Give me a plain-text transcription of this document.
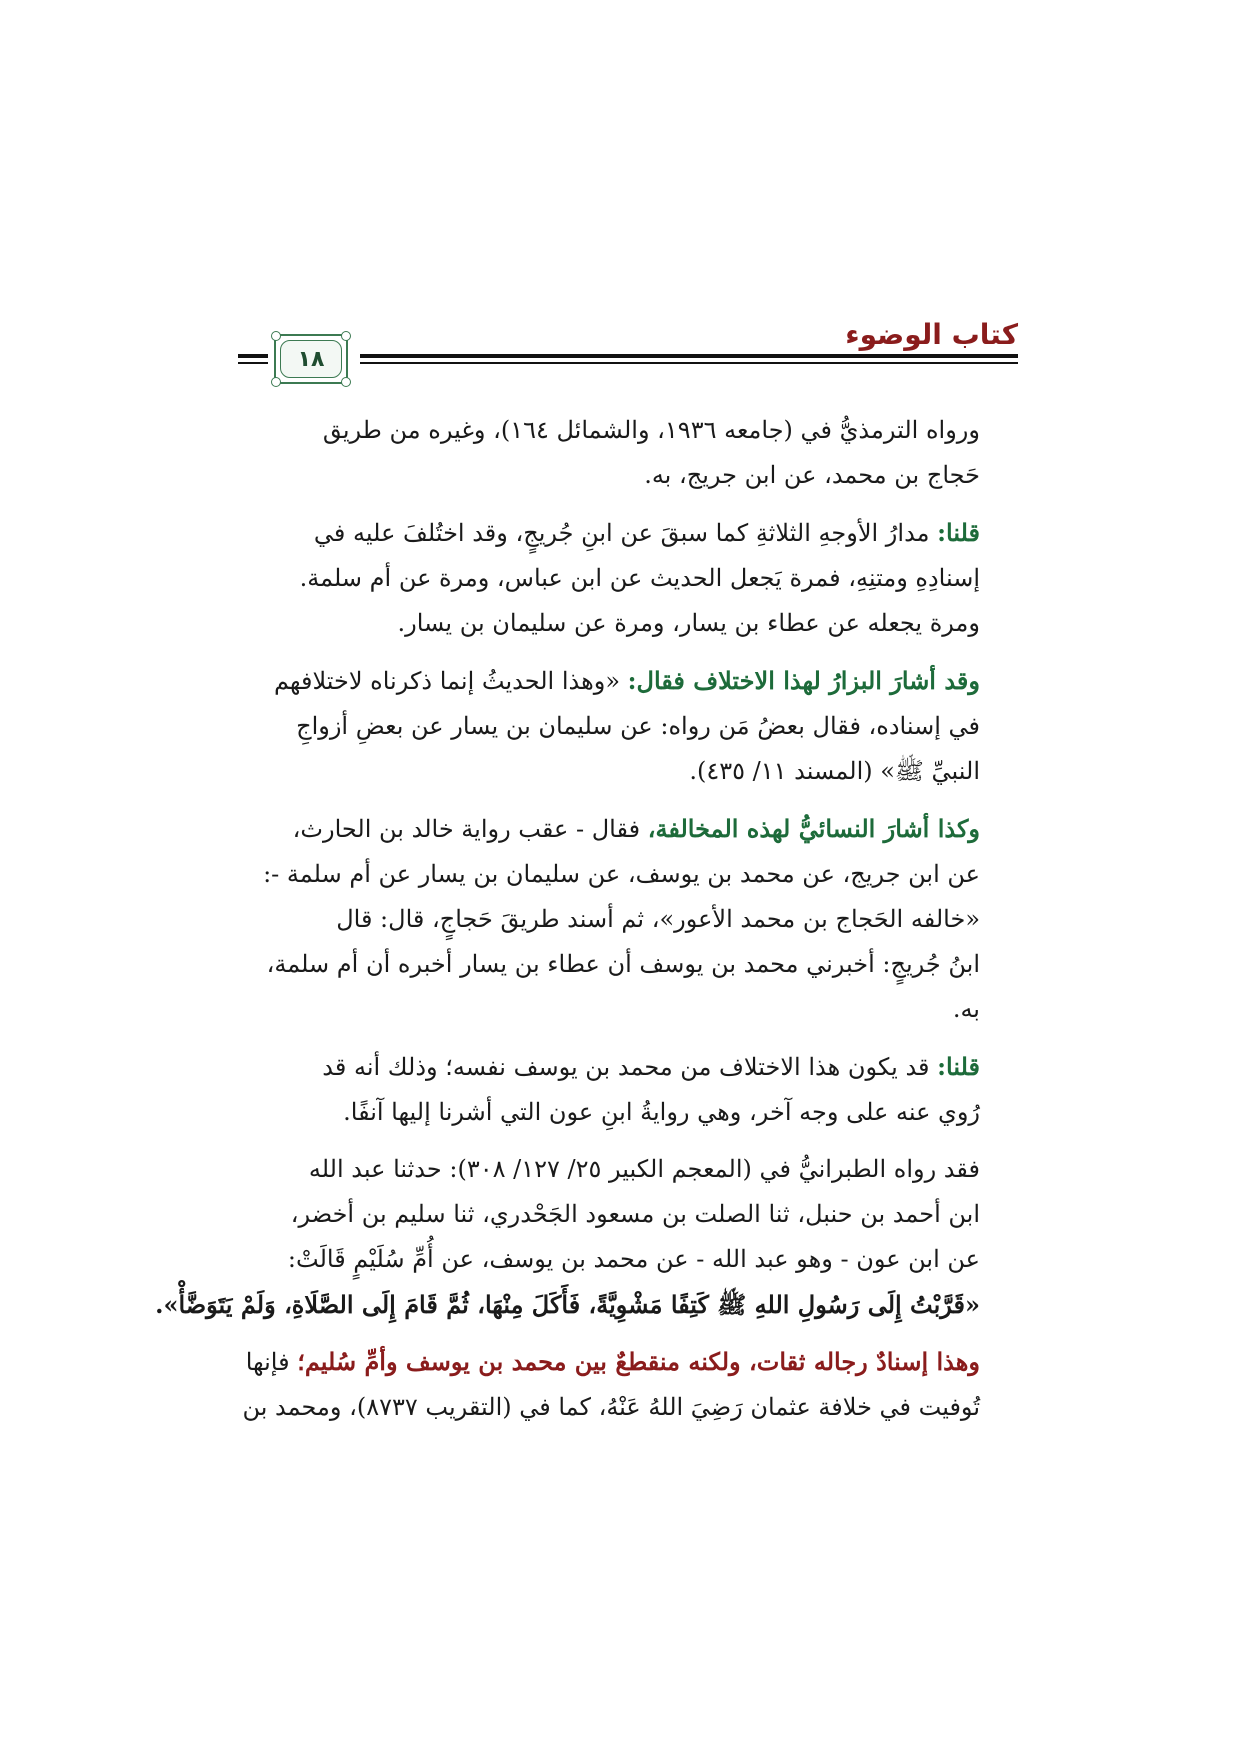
كتاب الوضوء
١٨

ورواه الترمذيُّ في (جامعه ١٩٣٦، والشمائل ١٦٤)، وغيره من طريق
حَجاج بن محمد، عن ابن جريج، به.

قلنا: مدارُ الأوجهِ الثلاثةِ كما سبقَ عن ابنِ جُريجٍ، وقد اختُلفَ عليه في
إسنادِهِ ومتنِهِ، فمرة يَجعل الحديث عن ابن عباس، ومرة عن أم سلمة.
ومرة يجعله عن عطاء بن يسار، ومرة عن سليمان بن يسار.

وقد أشارَ البزارُ لهذا الاختلاف فقال: «وهذا الحديثُ إنما ذكرناه لاختلافهم
في إسناده، فقال بعضُ مَن رواه: عن سليمان بن يسار عن بعضِ أزواجِ
النبيِّ ﷺ» (المسند ١١/ ٤٣٥).

وكذا أشارَ النسائيُّ لهذه المخالفة، فقال - عقب رواية خالد بن الحارث،
عن ابن جريج، عن محمد بن يوسف، عن سليمان بن يسار عن أم سلمة -:
«خالفه الحَجاج بن محمد الأعور»، ثم أسند طريقَ حَجاجٍ، قال: قال
ابنُ جُريجٍ: أخبرني محمد بن يوسف أن عطاء بن يسار أخبره أن أم سلمة،
به.

قلنا: قد يكون هذا الاختلاف من محمد بن يوسف نفسه؛ وذلك أنه قد
رُوي عنه على وجه آخر، وهي روايةُ ابنِ عون التي أشرنا إليها آنفًا.

فقد رواه الطبرانيُّ في (المعجم الكبير ٢٥/ ١٢٧/ ٣٠٨): حدثنا عبد الله
ابن أحمد بن حنبل، ثنا الصلت بن مسعود الجَحْدري، ثنا سليم بن أخضر،
عن ابن عون - وهو عبد الله - عن محمد بن يوسف، عن أُمِّ سُلَيْمٍ قَالَتْ:
«قَرَّبْتُ إِلَى رَسُولِ اللهِ ﷺ كَتِفًا مَشْوِيَّةً، فَأَكَلَ مِنْهَا، ثُمَّ قَامَ إِلَى الصَّلَاةِ، وَلَمْ يَتَوَضَّأْ».

وهذا إسنادٌ رجاله ثقات، ولكنه منقطعٌ بين محمد بن يوسف وأمِّ سُليم؛ فإنها
تُوفيت في خلافة عثمان رَضِيَ اللهُ عَنْهُ، كما في (التقريب ٨٧٣٧)، ومحمد بن
